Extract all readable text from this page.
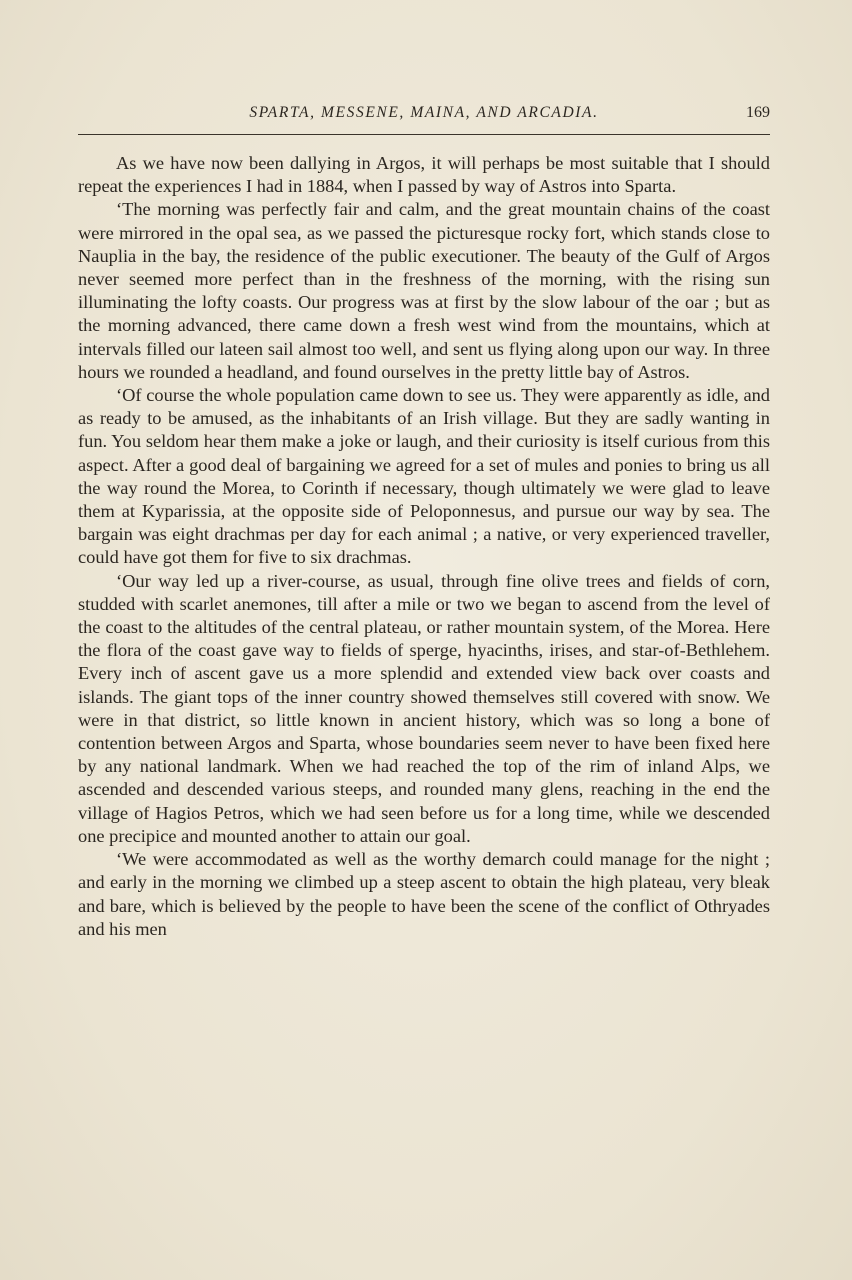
SPARTA, MESSENE, MAINA, AND ARCADIA.	169

As we have now been dallying in Argos, it will perhaps be most suitable that I should repeat the experiences I had in 1884, when I passed by way of Astros into Sparta.

‘The morning was perfectly fair and calm, and the great mountain chains of the coast were mirrored in the opal sea, as we passed the picturesque rocky fort, which stands close to Nauplia in the bay, the residence of the public executioner. The beauty of the Gulf of Argos never seemed more perfect than in the freshness of the morning, with the rising sun illuminating the lofty coasts. Our progress was at first by the slow labour of the oar ; but as the morning advanced, there came down a fresh west wind from the mountains, which at intervals filled our lateen sail almost too well, and sent us flying along upon our way. In three hours we rounded a headland, and found ourselves in the pretty little bay of Astros.

‘Of course the whole population came down to see us. They were apparently as idle, and as ready to be amused, as the inhabitants of an Irish village. But they are sadly wanting in fun. You seldom hear them make a joke or laugh, and their curiosity is itself curious from this aspect. After a good deal of bargaining we agreed for a set of mules and ponies to bring us all the way round the Morea, to Corinth if necessary, though ultimately we were glad to leave them at Kyparissia, at the opposite side of Peloponnesus, and pursue our way by sea. The bargain was eight drachmas per day for each animal ; a native, or very experienced traveller, could have got them for five to six drachmas.

‘Our way led up a river-course, as usual, through fine olive trees and fields of corn, studded with scarlet anemones, till after a mile or two we began to ascend from the level of the coast to the altitudes of the central plateau, or rather mountain system, of the Morea. Here the flora of the coast gave way to fields of sperge, hyacinths, irises, and star-of-Bethlehem. Every inch of ascent gave us a more splendid and extended view back over coasts and islands. The giant tops of the inner country showed themselves still covered with snow. We were in that district, so little known in ancient history, which was so long a bone of contention between Argos and Sparta, whose boundaries seem never to have been fixed here by any national landmark. When we had reached the top of the rim of inland Alps, we ascended and descended various steeps, and rounded many glens, reaching in the end the village of Hagios Petros, which we had seen before us for a long time, while we descended one precipice and mounted another to attain our goal.

‘We were accommodated as well as the worthy demarch could manage for the night ; and early in the morning we climbed up a steep ascent to obtain the high plateau, very bleak and bare, which is believed by the people to have been the scene of the conflict of Othryades and his men
